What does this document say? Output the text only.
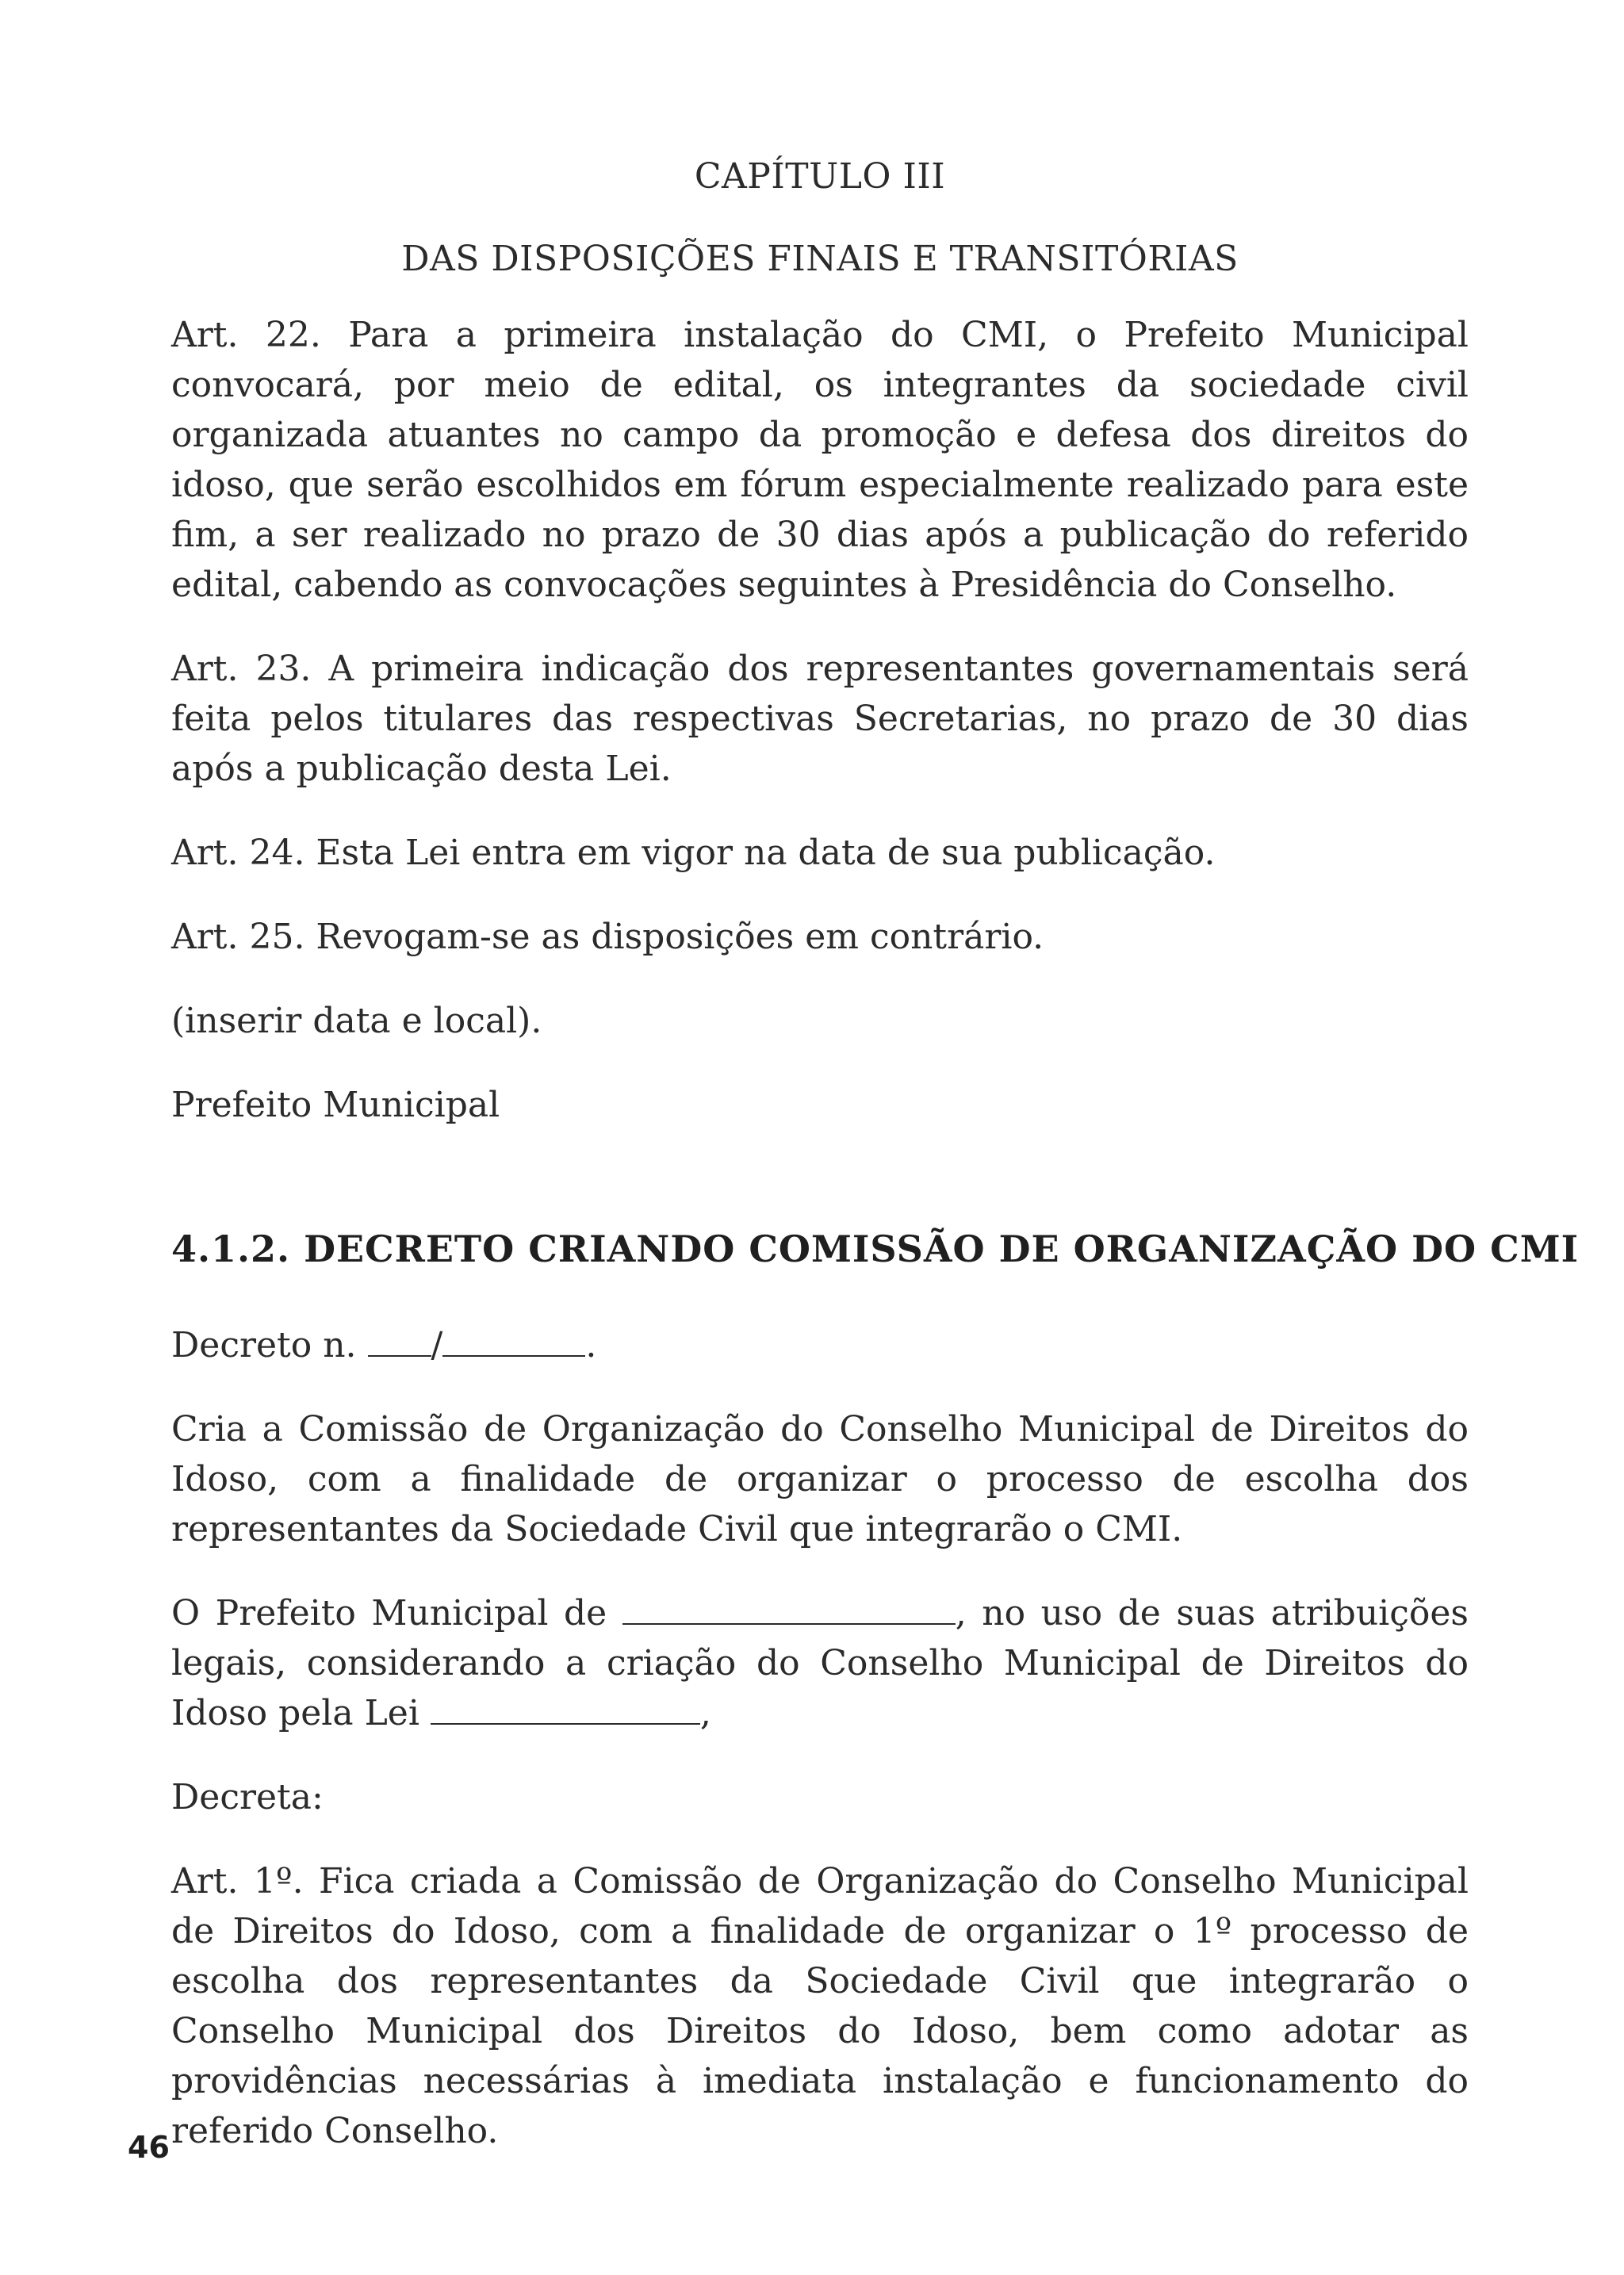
CAPÍTULO III
DAS DISPOSIÇÕES FINAIS E TRANSITÓRIAS

Art. 22. Para a primeira instalação do CMI, o Prefeito Municipal convocará, por meio de edital, os integrantes da sociedade civil organizada atuantes no campo da promoção e defesa dos direitos do idoso, que serão escolhidos em fórum especialmente realizado para este fim, a ser realizado no prazo de 30 dias após a publicação do referido edital, cabendo as convocações seguintes à Presidência do Conselho.

Art. 23. A primeira indicação dos representantes governamentais será feita pelos titulares das respectivas Secretarias, no prazo de 30 dias após a publicação desta Lei.

Art. 24. Esta Lei entra em vigor na data de sua publicação.

Art. 25. Revogam-se as disposições em contrário.

(inserir data e local).

Prefeito Municipal

4.1.2. DECRETO CRIANDO COMISSÃO DE ORGANIZAÇÃO DO CMI

Decreto n. /	.

Cria a Comissão de Organização do Conselho Municipal de Direitos do Idoso, com a finalidade de organizar o processo de escolha dos representantes da Sociedade Civil que integrarão o CMI.

O Prefeito Municipal de	, no uso de suas atribuições legais, considerando a criação do Conselho Municipal de Direitos do Idoso pela Lei	,

Decreta:

Art. 1º. Fica criada a Comissão de Organização do Conselho Municipal de Direitos do Idoso, com a finalidade de organizar o 1º processo de escolha dos representantes da Sociedade Civil que integrarão o Conselho Municipal dos Direitos do Idoso, bem como adotar as providências necessárias à imediata instalação e funcionamento do referido Conselho.

46
